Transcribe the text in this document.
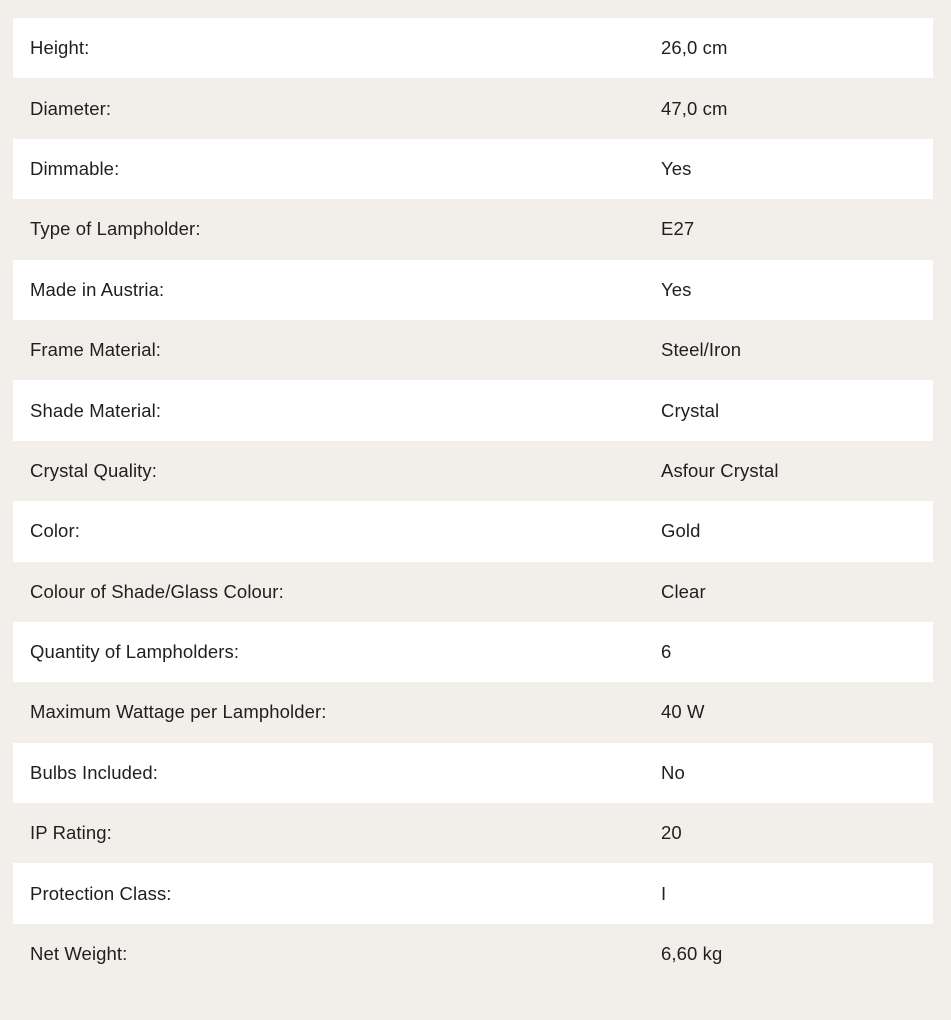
Height:	26,0 cm
Diameter:	47,0 cm
Dimmable:	Yes
Type of Lampholder:	E27
Made in Austria:	Yes
Frame Material:	Steel/Iron
Shade Material:	Crystal
Crystal Quality:	Asfour Crystal
Color:	Gold
Colour of Shade/Glass Colour:	Clear
Quantity of Lampholders:	6
Maximum Wattage per Lampholder:	40 W
Bulbs Included:	No
IP Rating:	20
Protection Class:	I
Net Weight:	6,60 kg
